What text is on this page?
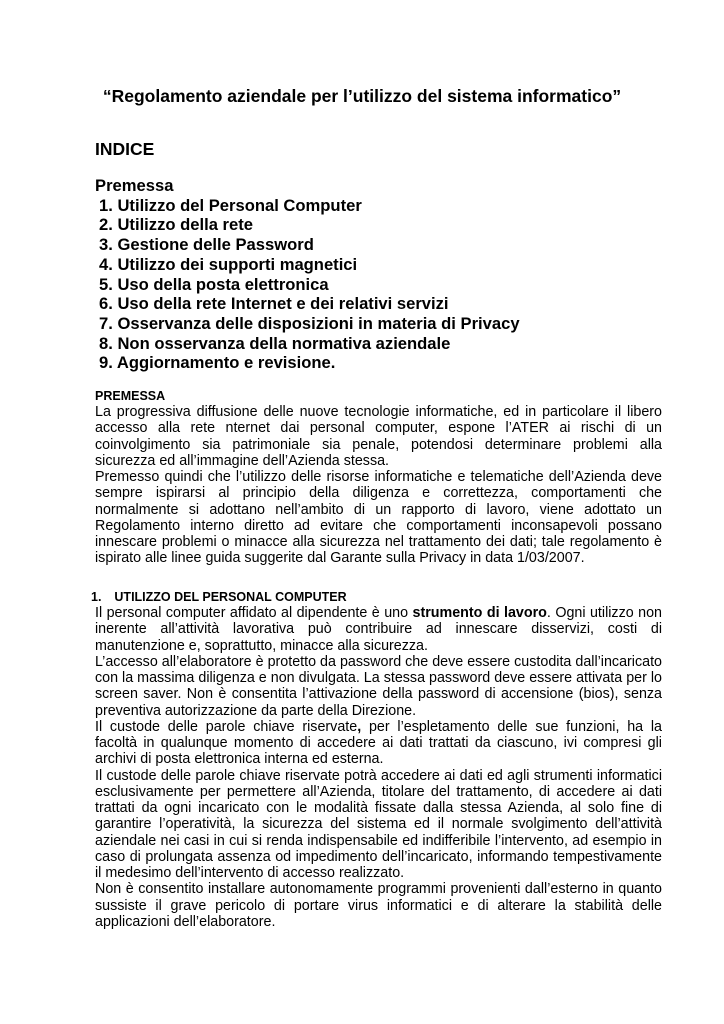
“Regolamento aziendale per l’utilizzo del sistema informatico”
INDICE
Premessa
1. Utilizzo del Personal Computer
2. Utilizzo della rete
3. Gestione delle Password
4. Utilizzo dei supporti magnetici
5. Uso della posta elettronica
6. Uso della rete Internet e dei relativi servizi
7. Osservanza delle disposizioni in materia di Privacy
8. Non osservanza della normativa aziendale
9. Aggiornamento e revisione.
PREMESSA

La progressiva diffusione delle nuove tecnologie informatiche, ed in particolare il libero accesso alla rete nternet dai personal computer, espone l’ATER ai rischi di un coinvolgimento sia patrimoniale sia penale, potendosi determinare problemi alla sicurezza ed all’immagine dell’Azienda stessa.

Premesso quindi che l’utilizzo delle risorse informatiche e telematiche dell’Azienda deve sempre ispirarsi al principio della diligenza e correttezza, comportamenti che normalmente si adottano nell’ambito di un rapporto di lavoro, viene adottato un Regolamento interno diretto ad evitare che comportamenti inconsapevoli possano innescare problemi o minacce alla sicurezza nel trattamento dei dati; tale regolamento è ispirato alle linee guida suggerite dal Garante sulla Privacy in data 1/03/2007.

1. UTILIZZO DEL PERSONAL COMPUTER

Il personal computer affidato al dipendente è uno strumento di lavoro. Ogni utilizzo non inerente all’attività lavorativa può contribuire ad innescare disservizi, costi di manutenzione e, soprattutto, minacce alla sicurezza.

L’accesso all’elaboratore è protetto da password che deve essere custodita dall’incaricato con la massima diligenza e non divulgata. La stessa password deve essere attivata per lo screen saver. Non è consentita l’attivazione della password di accensione (bios), senza preventiva autorizzazione da parte della Direzione.

Il custode delle parole chiave riservate, per l’espletamento delle sue funzioni, ha la facoltà in qualunque momento di accedere ai dati trattati da ciascuno, ivi compresi gli archivi di posta elettronica interna ed esterna.

Il custode delle parole chiave riservate potrà accedere ai dati ed agli strumenti informatici esclusivamente per permettere all’Azienda, titolare del trattamento, di accedere ai dati trattati da ogni incaricato con le modalità fissate dalla stessa Azienda, al solo fine di garantire l’operatività, la sicurezza del sistema ed il normale svolgimento dell’attività aziendale nei casi in cui si renda indispensabile ed indifferibile l’intervento, ad esempio in caso di prolungata assenza od impedimento dell’incaricato, informando tempestivamente il medesimo dell’intervento di accesso realizzato.

Non è consentito installare autonomamente programmi provenienti dall’esterno in quanto sussiste il grave pericolo di portare virus informatici e di alterare la stabilità delle applicazioni dell’elaboratore.
